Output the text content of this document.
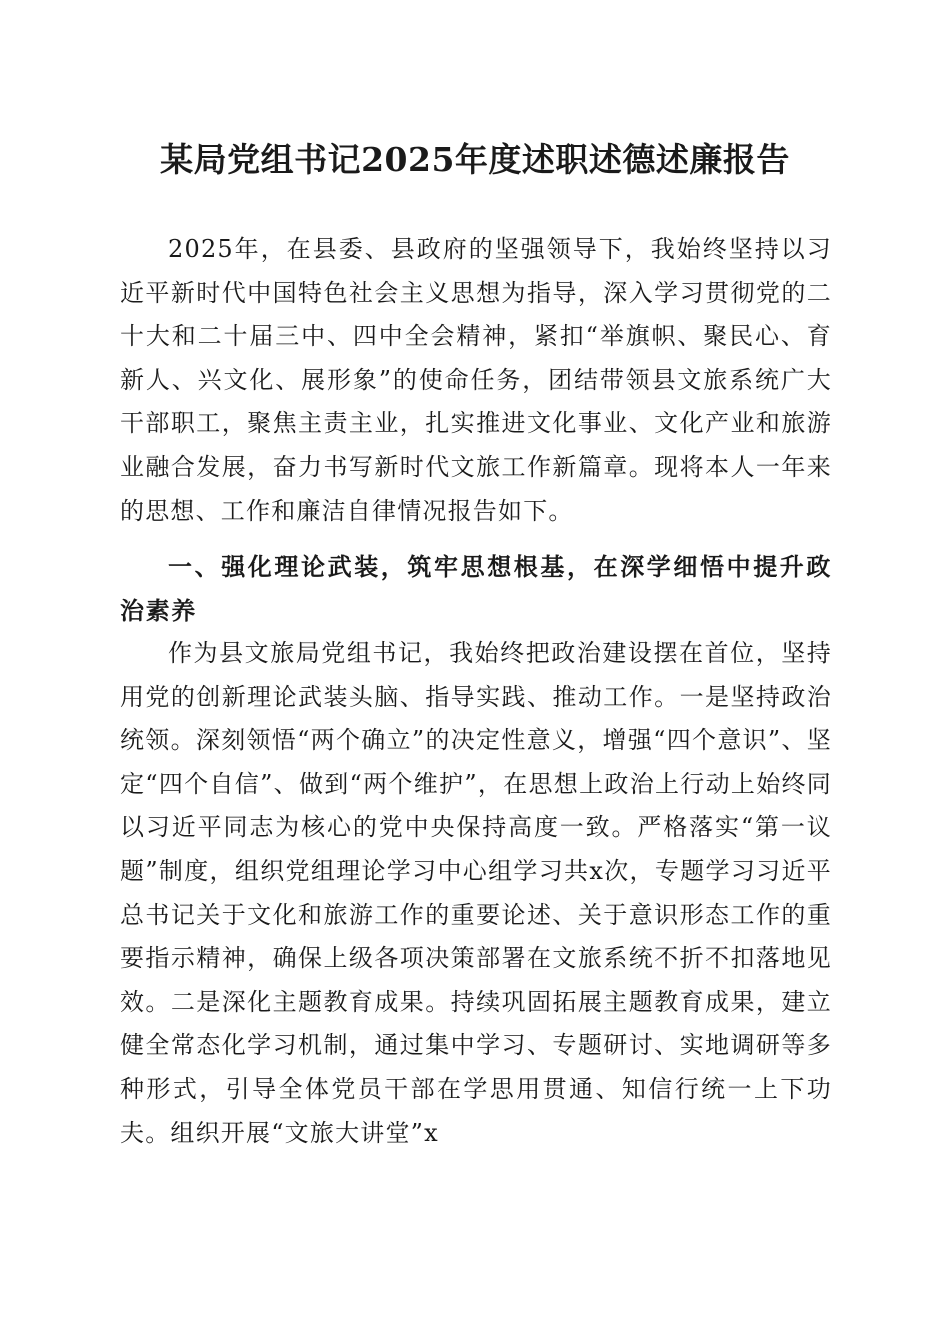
某局党组书记2025年度述职述德述廉报告

2025年，在县委、县政府的坚强领导下，我始终坚持以习近平新时代中国特色社会主义思想为指导，深入学习贯彻党的二十大和二十届三中、四中全会精神，紧扣“举旗帜、聚民心、育新人、兴文化、展形象”的使命任务，团结带领县文旅系统广大干部职工，聚焦主责主业，扎实推进文化事业、文化产业和旅游业融合发展，奋力书写新时代文旅工作新篇章。现将本人一年来的思想、工作和廉洁自律情况报告如下。

一、强化理论武装，筑牢思想根基，在深学细悟中提升政治素养

作为县文旅局党组书记，我始终把政治建设摆在首位，坚持用党的创新理论武装头脑、指导实践、推动工作。一是坚持政治统领。深刻领悟“两个确立”的决定性意义，增强“四个意识”、坚定“四个自信”、做到“两个维护”，在思想上政治上行动上始终同以习近平同志为核心的党中央保持高度一致。严格落实“第一议题”制度，组织党组理论学习中心组学习共x次，专题学习习近平总书记关于文化和旅游工作的重要论述、关于意识形态工作的重要指示精神，确保上级各项决策部署在文旅系统不折不扣落地见效。二是深化主题教育成果。持续巩固拓展主题教育成果，建立健全常态化学习机制，通过集中学习、专题研讨、实地调研等多种形式，引导全体党员干部在学思用贯通、知信行统一上下功夫。组织开展“文旅大讲堂”x
